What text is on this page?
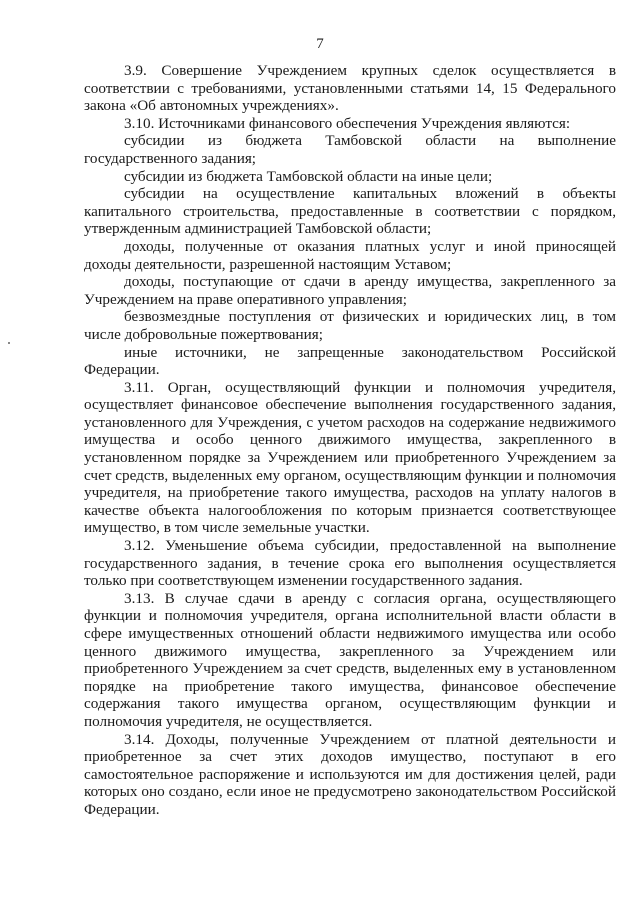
7

3.9. Совершение Учреждением крупных сделок осуществляется в соответствии с требованиями, установленными статьями 14, 15 Федерального закона «Об автономных учреждениях».

3.10. Источниками финансового обеспечения Учреждения являются:

субсидии из бюджета Тамбовской области на выполнение государственного задания;

субсидии из бюджета Тамбовской области на иные цели;

субсидии на осуществление капитальных вложений в объекты капитального строительства, предоставленные в соответствии с порядком, утвержденным администрацией Тамбовской области;

доходы, полученные от оказания платных услуг и иной приносящей доходы деятельности, разрешенной настоящим Уставом;

доходы, поступающие от сдачи в аренду имущества, закрепленного за Учреждением на праве оперативного управления;

безвозмездные поступления от физических и юридических лиц, в том числе добровольные пожертвования;

иные источники, не запрещенные законодательством Российской Федерации.

3.11. Орган, осуществляющий функции и полномочия учредителя, осуществляет финансовое обеспечение выполнения государственного задания, установленного для Учреждения, с учетом расходов на содержание недвижимого имущества и особо ценного движимого имущества, закрепленного в установленном порядке за Учреждением или приобретенного Учреждением за счет средств, выделенных ему органом, осуществляющим функции и полномочия учредителя, на приобретение такого имущества, расходов на уплату налогов в качестве объекта налогообложения по которым признается соответствующее имущество, в том числе земельные участки.

3.12. Уменьшение объема субсидии, предоставленной на выполнение государственного задания, в течение срока его выполнения осуществляется только при соответствующем изменении государственного задания.

3.13. В случае сдачи в аренду с согласия органа, осуществляющего функции и полномочия учредителя, органа исполнительной власти области в сфере имущественных отношений области недвижимого имущества или особо ценного движимого имущества, закрепленного за Учреждением или приобретенного Учреждением за счет средств, выделенных ему в установленном порядке на приобретение такого имущества, финансовое обеспечение содержания такого имущества органом, осуществляющим функции и полномочия учредителя, не осуществляется.

3.14. Доходы, полученные Учреждением от платной деятельности и приобретенное за счет этих доходов имущество, поступают в его самостоятельное распоряжение и используются им для достижения целей, ради которых оно создано, если иное не предусмотрено законодательством Российской Федерации.
